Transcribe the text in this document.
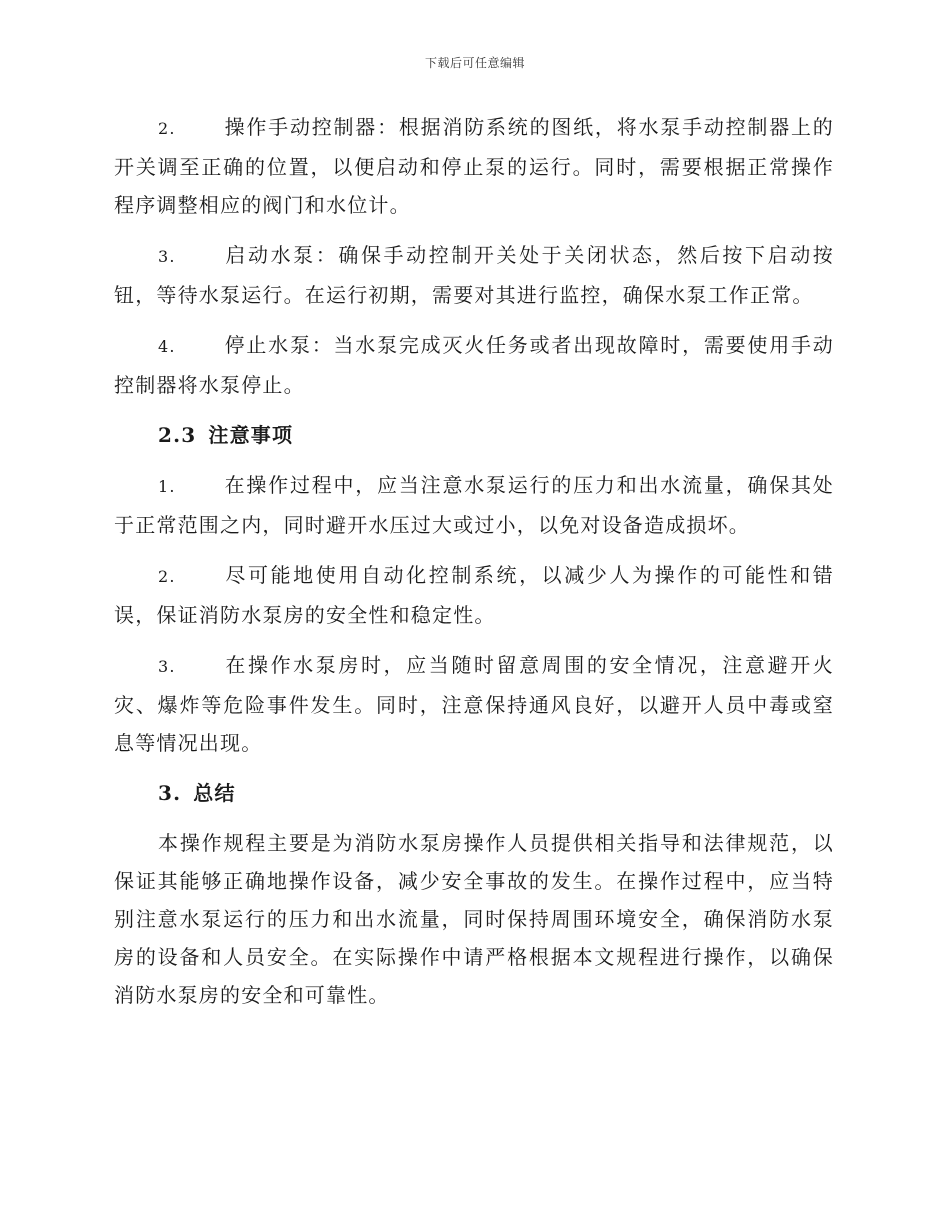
下载后可任意编辑

2. 操作手动控制器：根据消防系统的图纸，将水泵手动控制器上的开关调至正确的位置，以便启动和停止泵的运行。同时，需要根据正常操作程序调整相应的阀门和水位计。

3. 启动水泵：确保手动控制开关处于关闭状态，然后按下启动按钮，等待水泵运行。在运行初期，需要对其进行监控，确保水泵工作正常。

4. 停止水泵：当水泵完成灭火任务或者出现故障时，需要使用手动控制器将水泵停止。

2.3 注意事项

1. 在操作过程中，应当注意水泵运行的压力和出水流量，确保其处于正常范围之内，同时避开水压过大或过小，以免对设备造成损坏。

2. 尽可能地使用自动化控制系统，以减少人为操作的可能性和错误，保证消防水泵房的安全性和稳定性。

3. 在操作水泵房时，应当随时留意周围的安全情况，注意避开火灾、爆炸等危险事件发生。同时，注意保持通风良好，以避开人员中毒或窒息等情况出现。

3. 总结

本操作规程主要是为消防水泵房操作人员提供相关指导和法律规范，以保证其能够正确地操作设备，减少安全事故的发生。在操作过程中，应当特别注意水泵运行的压力和出水流量，同时保持周围环境安全，确保消防水泵房的设备和人员安全。在实际操作中请严格根据本文规程进行操作，以确保消防水泵房的安全和可靠性。
